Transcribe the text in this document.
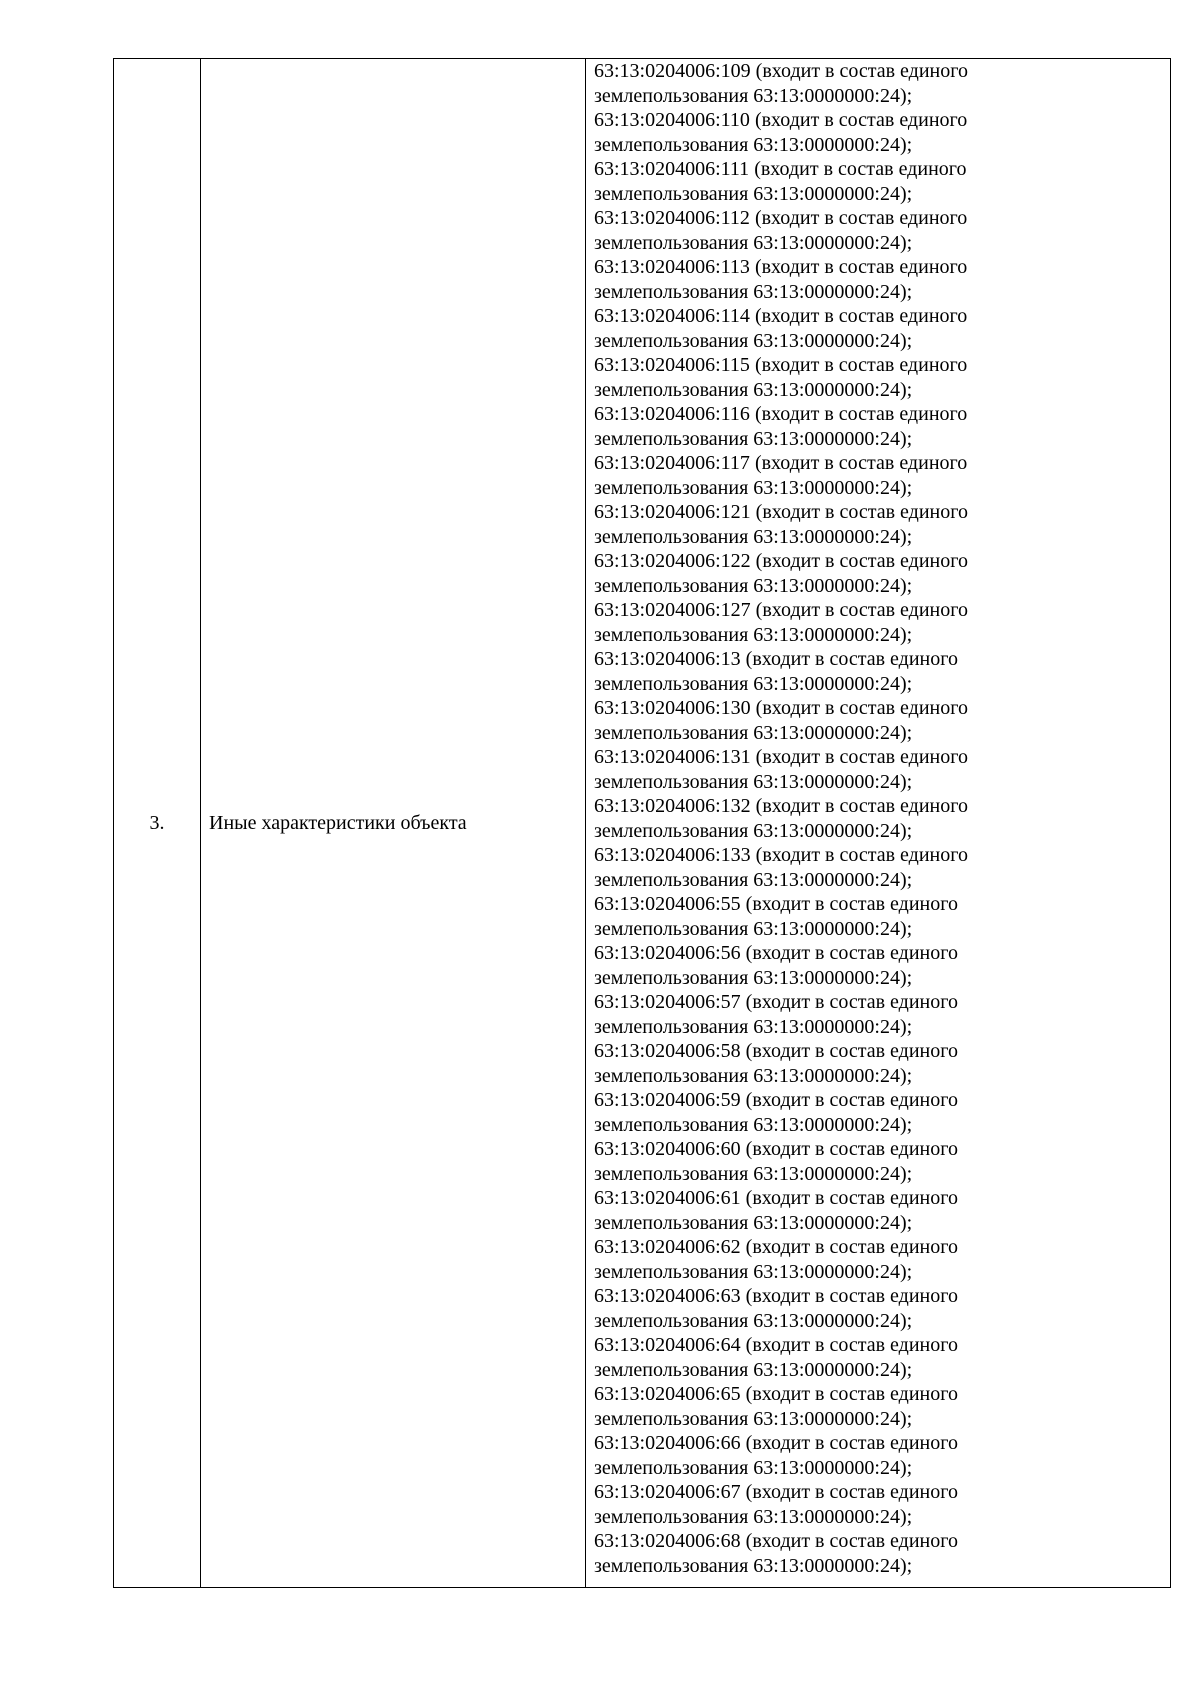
3.	Иные характеристики объекта	
63:13:0204006:109 (входит в состав единого
землепользования 63:13:0000000:24);
63:13:0204006:110 (входит в состав единого
землепользования 63:13:0000000:24);
63:13:0204006:111 (входит в состав единого
землепользования 63:13:0000000:24);
63:13:0204006:112 (входит в состав единого
землепользования 63:13:0000000:24);
63:13:0204006:113 (входит в состав единого
землепользования 63:13:0000000:24);
63:13:0204006:114 (входит в состав единого
землепользования 63:13:0000000:24);
63:13:0204006:115 (входит в состав единого
землепользования 63:13:0000000:24);
63:13:0204006:116 (входит в состав единого
землепользования 63:13:0000000:24);
63:13:0204006:117 (входит в состав единого
землепользования 63:13:0000000:24);
63:13:0204006:121 (входит в состав единого
землепользования 63:13:0000000:24);
63:13:0204006:122 (входит в состав единого
землепользования 63:13:0000000:24);
63:13:0204006:127 (входит в состав единого
землепользования 63:13:0000000:24);
63:13:0204006:13 (входит в состав единого
землепользования 63:13:0000000:24);
63:13:0204006:130 (входит в состав единого
землепользования 63:13:0000000:24);
63:13:0204006:131 (входит в состав единого
землепользования 63:13:0000000:24);
63:13:0204006:132 (входит в состав единого
землепользования 63:13:0000000:24);
63:13:0204006:133 (входит в состав единого
землепользования 63:13:0000000:24);
63:13:0204006:55 (входит в состав единого
землепользования 63:13:0000000:24);
63:13:0204006:56 (входит в состав единого
землепользования 63:13:0000000:24);
63:13:0204006:57 (входит в состав единого
землепользования 63:13:0000000:24);
63:13:0204006:58 (входит в состав единого
землепользования 63:13:0000000:24);
63:13:0204006:59 (входит в состав единого
землепользования 63:13:0000000:24);
63:13:0204006:60 (входит в состав единого
землепользования 63:13:0000000:24);
63:13:0204006:61 (входит в состав единого
землепользования 63:13:0000000:24);
63:13:0204006:62 (входит в состав единого
землепользования 63:13:0000000:24);
63:13:0204006:63 (входит в состав единого
землепользования 63:13:0000000:24);
63:13:0204006:64 (входит в состав единого
землепользования 63:13:0000000:24);
63:13:0204006:65 (входит в состав единого
землепользования 63:13:0000000:24);
63:13:0204006:66 (входит в состав единого
землепользования 63:13:0000000:24);
63:13:0204006:67 (входит в состав единого
землепользования 63:13:0000000:24);
63:13:0204006:68 (входит в состав единого
землепользования 63:13:0000000:24);
